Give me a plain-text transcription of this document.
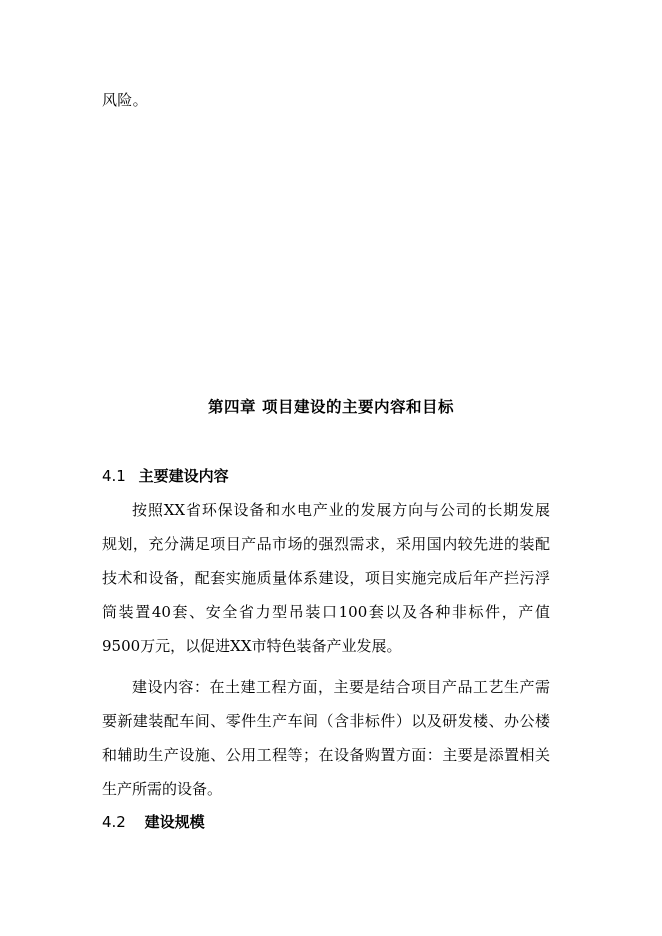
风险。
第四章 项目建设的主要内容和目标
4.1 主要建设内容
按照XX省环保设备和水电产业的发展方向与公司的长期发展
规划，充分满足项目产品市场的强烈需求，采用国内较先进的装配
技术和设备，配套实施质量体系建设，项目实施完成后年产拦污浮
筒装置40套、安全省力型吊装口100套以及各种非标件，产值
9500万元，以促进XX市特色装备产业发展。
建设内容：在土建工程方面，主要是结合项目产品工艺生产需
要新建装配车间、零件生产车间（含非标件）以及研发楼、办公楼
和辅助生产设施、公用工程等；在设备购置方面：主要是添置相关
生产所需的设备。
4.2 建设规模
